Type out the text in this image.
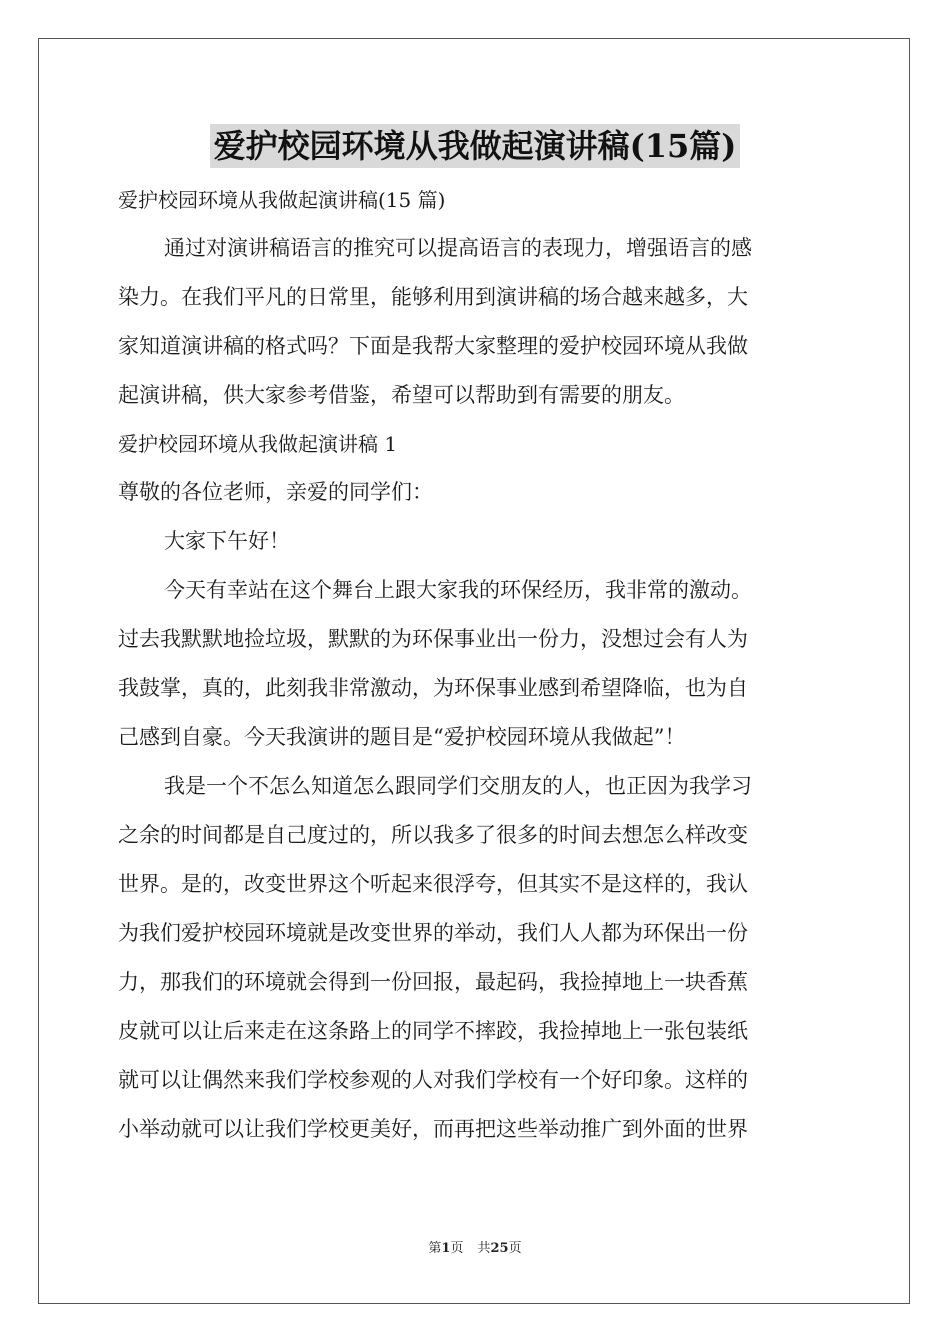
爱护校园环境从我做起演讲稿(15篇)
爱护校园环境从我做起演讲稿(15 篇)
通过对演讲稿语言的推究可以提高语言的表现力，增强语言的感
染力。在我们平凡的日常里，能够利用到演讲稿的场合越来越多，大
家知道演讲稿的格式吗？下面是我帮大家整理的爱护校园环境从我做
起演讲稿，供大家参考借鉴，希望可以帮助到有需要的朋友。
爱护校园环境从我做起演讲稿 1
尊敬的各位老师，亲爱的同学们：
大家下午好！
今天有幸站在这个舞台上跟大家我的环保经历，我非常的激动。
过去我默默地捡垃圾，默默的为环保事业出一份力，没想过会有人为
我鼓掌，真的，此刻我非常激动，为环保事业感到希望降临，也为自
己感到自豪。今天我演讲的题目是“爱护校园环境从我做起”！
我是一个不怎么知道怎么跟同学们交朋友的人，也正因为我学习
之余的时间都是自己度过的，所以我多了很多的时间去想怎么样改变
世界。是的，改变世界这个听起来很浮夸，但其实不是这样的，我认
为我们爱护校园环境就是改变世界的举动，我们人人都为环保出一份
力，那我们的环境就会得到一份回报，最起码，我捡掉地上一块香蕉
皮就可以让后来走在这条路上的同学不摔跤，我捡掉地上一张包装纸
就可以让偶然来我们学校参观的人对我们学校有一个好印象。这样的
小举动就可以让我们学校更美好，而再把这些举动推广到外面的世界
第1页 共25页
